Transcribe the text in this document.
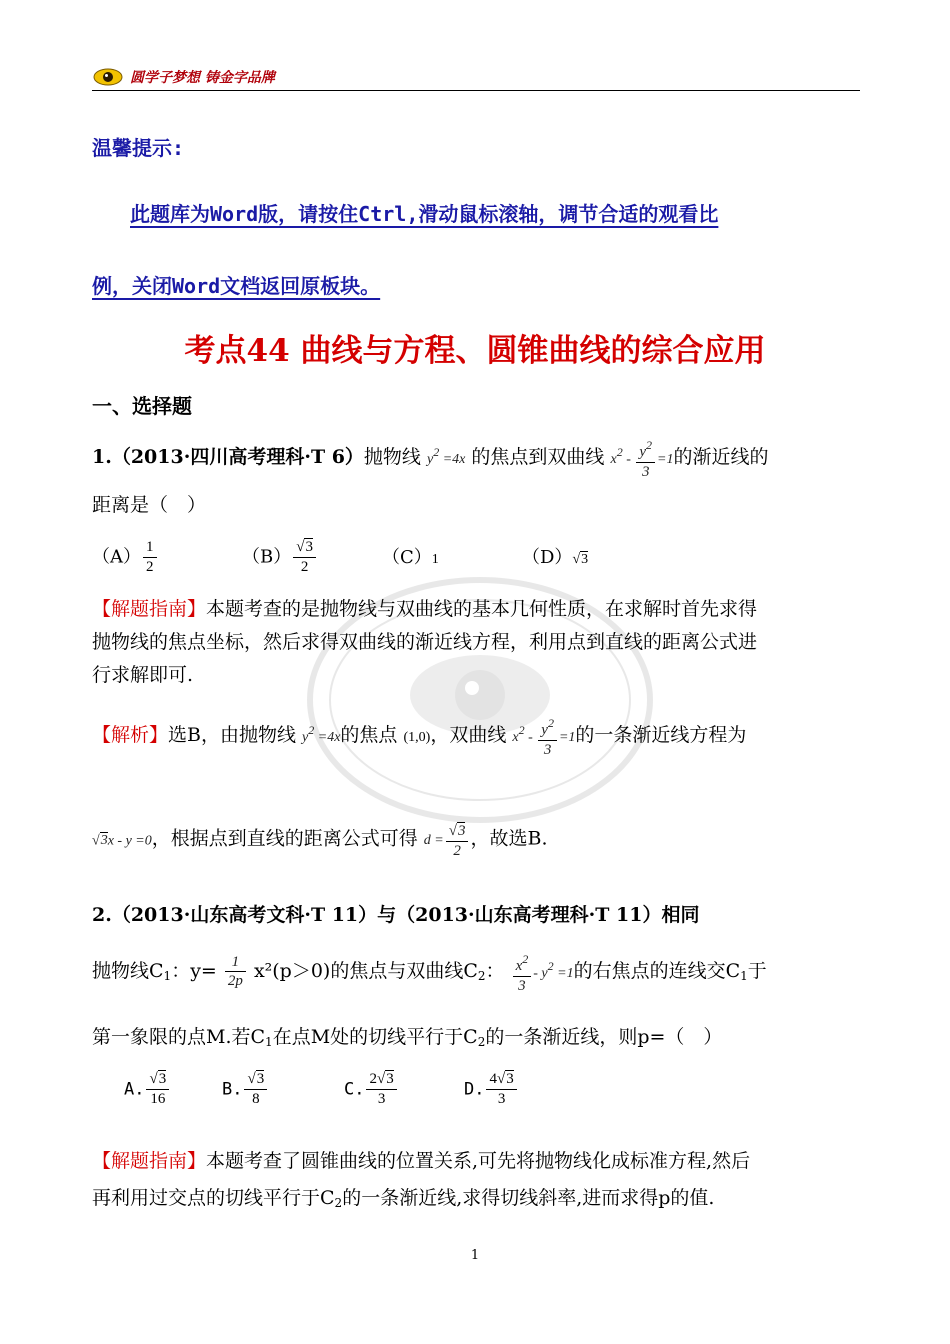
圆学子梦想 铸金字品牌
温馨提示:
此题库为Word版，请按住Ctrl,滑动鼠标滚轴，调节合适的观看比
例，关闭Word文档返回原板块。
考点44 曲线与方程、圆锥曲线的综合应用
一、选择题
1.（2013·四川高考理科·T 6）抛物线 y2 =4x 的焦点到双曲线 $x2 - \frac{y^2}{3} =1$的渐近线的
距离是（　）
$(A) \frac{1}{2}$	$(B) \frac{√3}{2}$	（C）1	（D）√3
【解题指南】本题考查的是抛物线与双曲线的基本几何性质，在求解时首先求得
抛物线的焦点坐标，然后求得双曲线的渐近线方程，利用点到直线的距离公式进
行求解即可.
【解析】选B，由抛物线 y2 =4x的焦点 (1,0)，双曲线 $x2 - \frac{y^2}{3} =1$的一条渐近线方程为
√3x - y =0，根据点到直线的距离公式可得 $d = \frac{√3}{2}$ ，故选B.
2.（2013·山东高考文科·T 11）与（2013·山东高考理科·T 11）相同
抛物线$C_1$：$y= \frac{1}{2p} x^2(p>0)$的焦点与双曲线$C_2$： $\frac{x^2}{3} - y2 =1$的右焦点的连线交$C_1$于
第一象限的点M.若$C_1$在点M处的切线平行于$C_2$的一条渐近线，则p=（　）
A. $\frac{√3}{16}$	B. $\frac{√3}{8}$	C. $\frac{2√3}{3}$	D. $\frac{4√3}{3}$
【解题指南】本题考查了圆锥曲线的位置关系,可先将抛物线化成标准方程,然后
再利用过交点的切线平行于$C_2$的一条渐近线,求得切线斜率,进而求得p的值.
1
